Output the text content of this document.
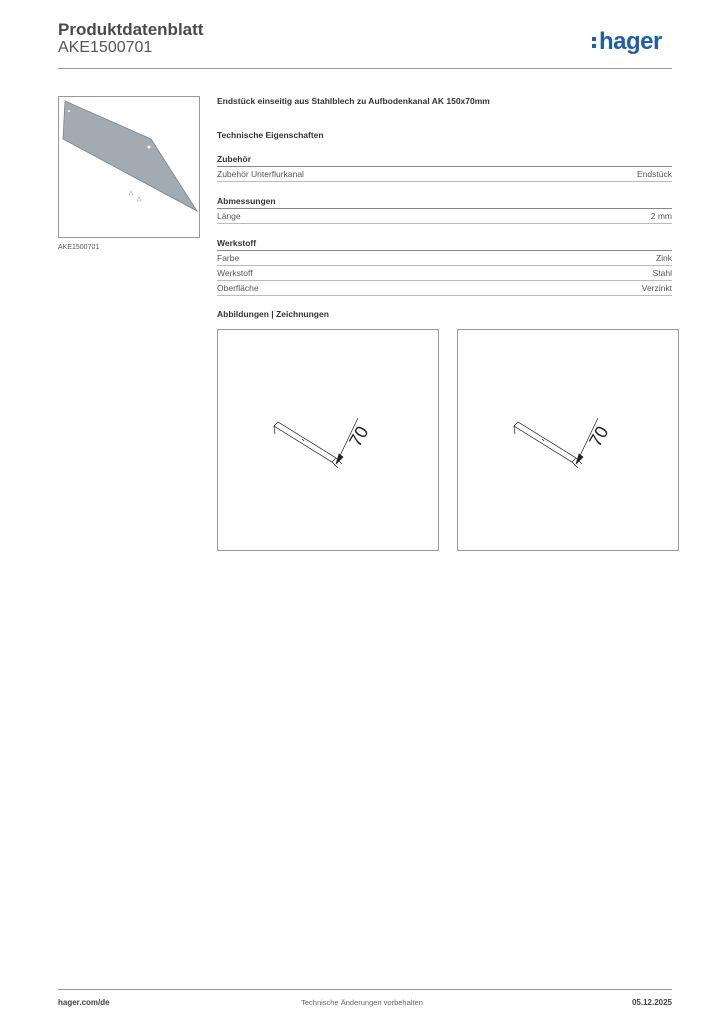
Produktdatenblatt
AKE1500701	hager
AKE1500701
Endstück einseitig aus Stahlblech zu Aufbodenkanal AK 150x70mm
Technische Eigenschaften
Zubehör
Zubehör Unterflurkanal	Endstück
Abmessungen
Länge	2 mm
Werkstoff
Farbe	Zink
Werkstoff	Stahl
Oberfläche	Verzinkt
Abbildungen | Zeichnungen
70	70
hager.com/de	Technische Änderungen vorbehalten	05.12.2025
